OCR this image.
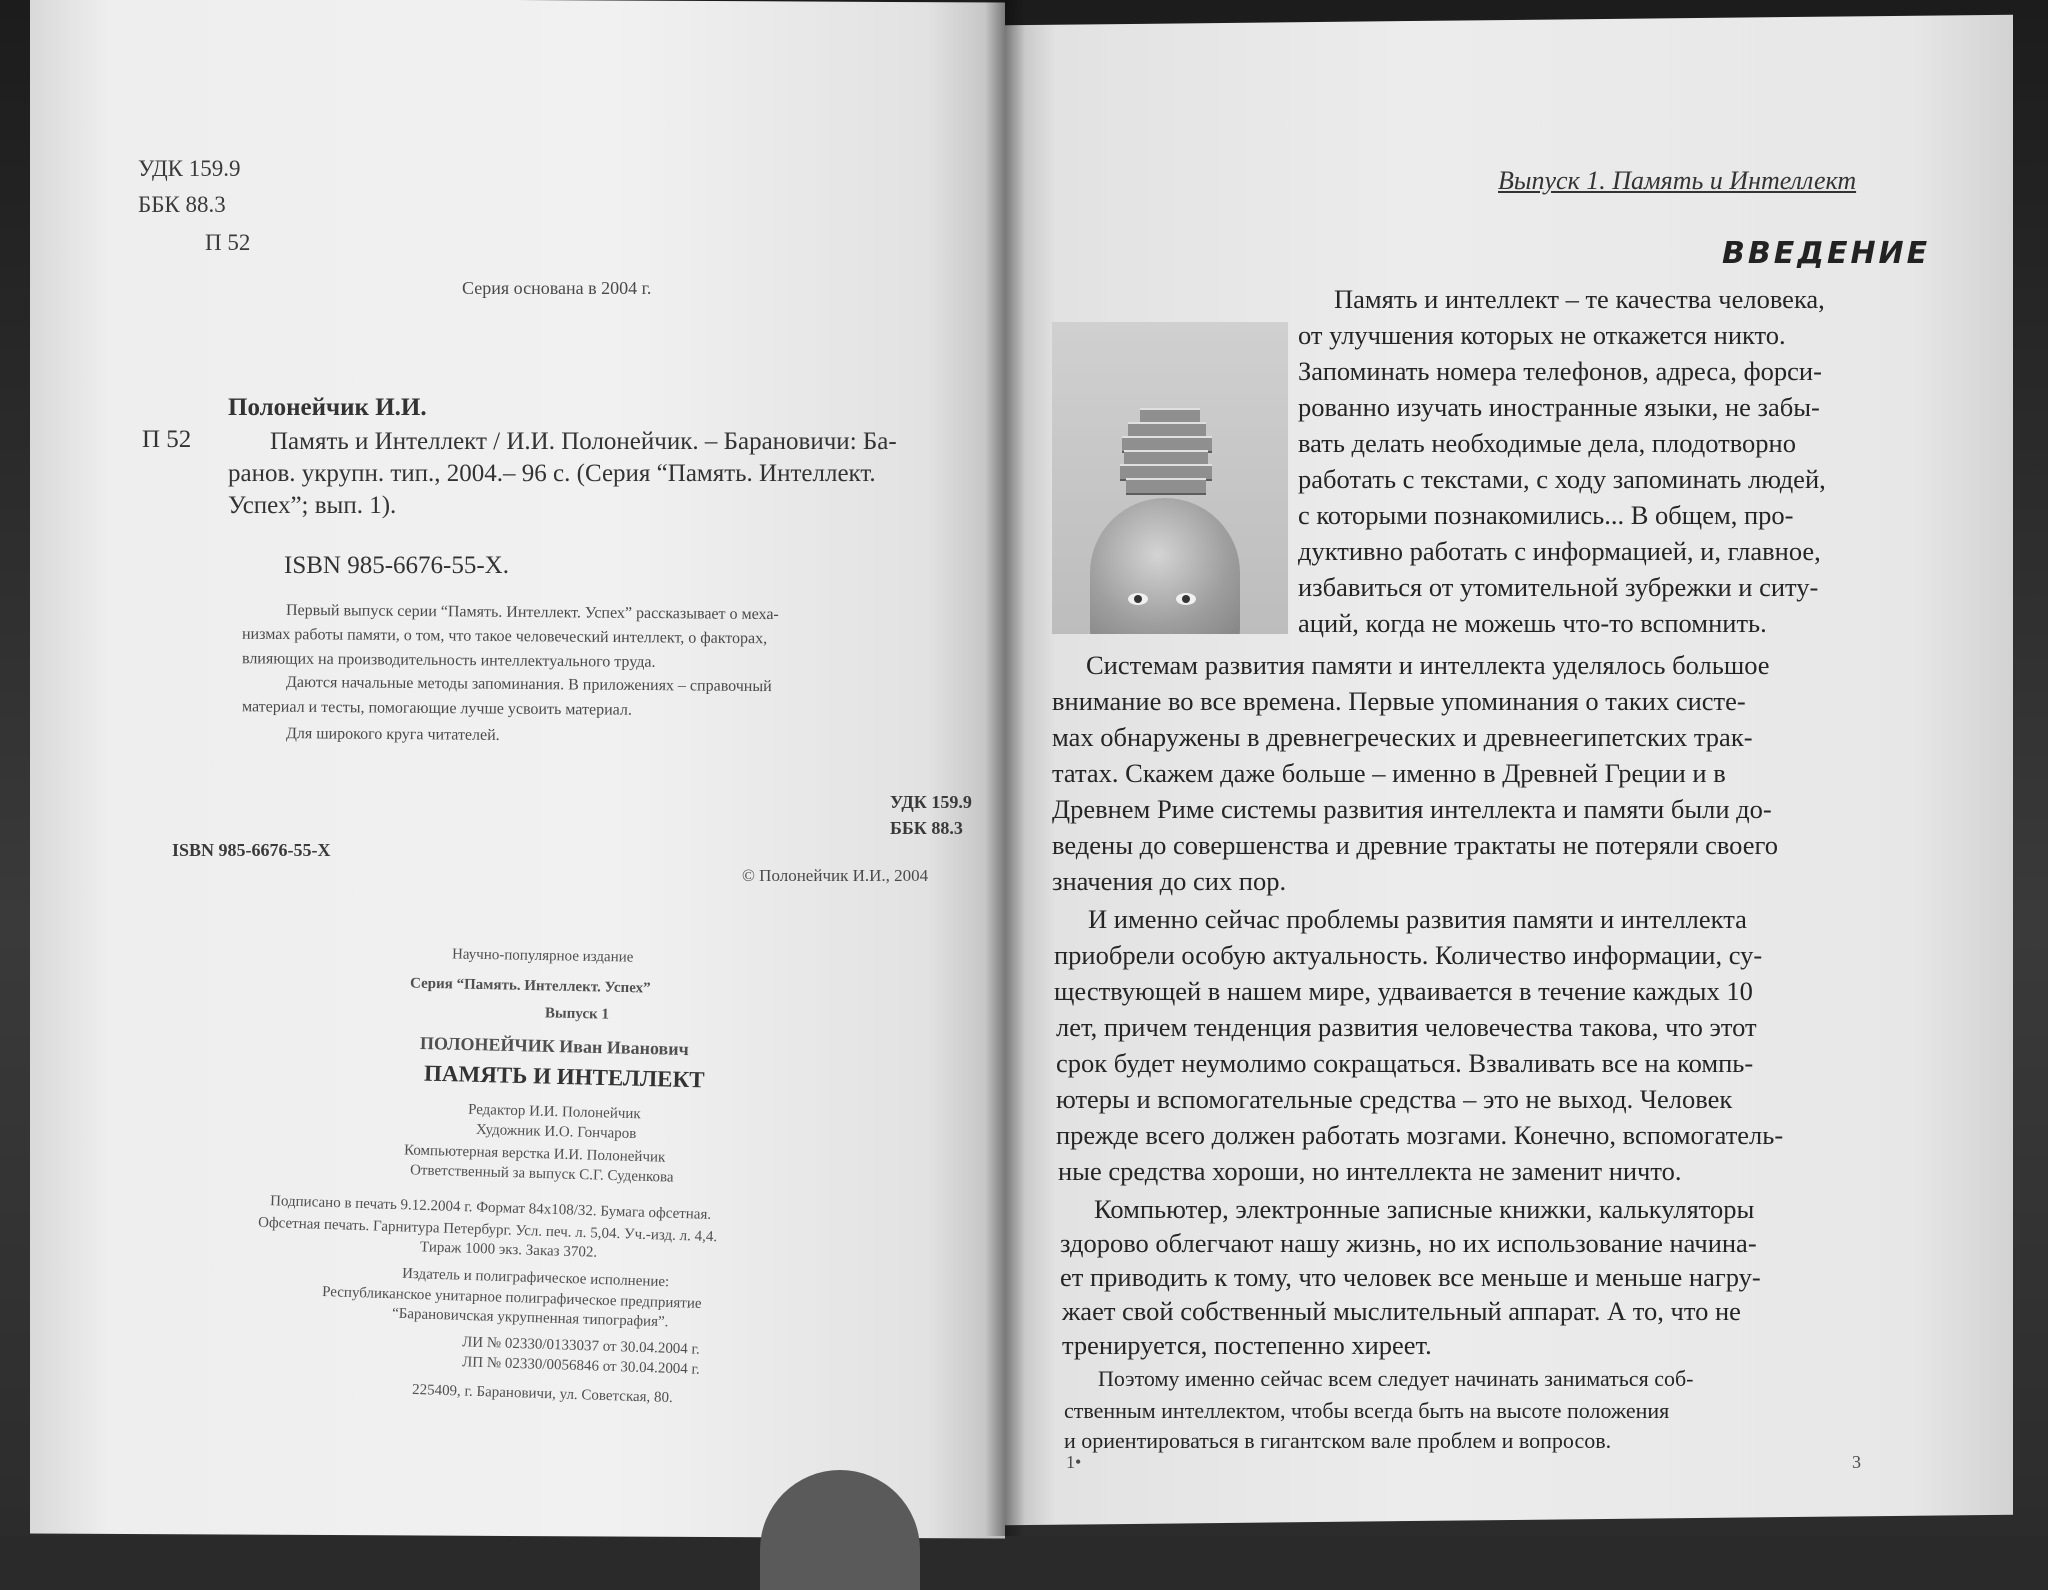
УДК 159.9
ББК 88.3
П 52
Серия основана в 2004 г.
Полонейчик И.И.
П 52	Память и Интеллект / И.И. Полонейчик. – Барановичи: Ба-
ранов. укрупн. тип., 2004.– 96 с. (Серия “Память. Интеллект.
Успех”; вып. 1).
ISBN 985-6676-55-X.
Первый выпуск серии “Память. Интеллект. Успех” рассказывает о меха-
низмах работы памяти, о том, что такое человеческий интеллект, о факторах,
влияющих на производительность интеллектуального труда.
Даются начальные методы запоминания. В приложениях – справочный
материал и тесты, помогающие лучше усвоить материал.
Для широкого круга читателей.
УДК 159.9
ББК 88.3
ISBN 985-6676-55-X
© Полонейчик И.И., 2004
Научно-популярное издание
Серия “Память. Интеллект. Успех”
Выпуск 1
ПОЛОНЕЙЧИК Иван Иванович
ПАМЯТЬ И ИНТЕЛЛЕКТ
Редактор И.И. Полонейчик
Художник И.О. Гончаров
Компьютерная верстка И.И. Полонейчик
Ответственный за выпуск С.Г. Суденкова
Подписано в печать 9.12.2004 г. Формат 84х108/32. Бумага офсетная.
Офсетная печать. Гарнитура Петербург. Усл. печ. л. 5,04. Уч.-изд. л. 4,4.
Тираж 1000 экз. Заказ 3702.
Издатель и полиграфическое исполнение:
Республиканское унитарное полиграфическое предприятие
“Барановичская укрупненная типография”.
ЛИ № 02330/0133037 от 30.04.2004 г.
ЛП № 02330/0056846 от 30.04.2004 г.
225409, г. Барановичи, ул. Советская, 80.
Выпуск 1. Память и Интеллект
ВВЕДЕНИЕ
Память и интеллект – те качества человека,
от улучшения которых не откажется никто.
Запоминать номера телефонов, адреса, форси-
рованно изучать иностранные языки, не забы-
вать делать необходимые дела, плодотворно
работать с текстами, с ходу запоминать людей,
с которыми познакомились... В общем, про-
дуктивно работать с информацией, и, главное,
избавиться от утомительной зубрежки и ситу-
аций, когда не можешь что-то вспомнить.
Системам развития памяти и интеллекта уделялось большое
внимание во все времена. Первые упоминания о таких систе-
мах обнаружены в древнегреческих и древнеегипетских трак-
татах. Скажем даже больше – именно в Древней Греции и в
Древнем Риме системы развития интеллекта и памяти были до-
ведены до совершенства и древние трактаты не потеряли своего
значения до сих пор.
И именно сейчас проблемы развития памяти и интеллекта
приобрели особую актуальность. Количество информации, су-
ществующей в нашем мире, удваивается в течение каждых 10
лет, причем тенденция развития человечества такова, что этот
срок будет неумолимо сокращаться. Взваливать все на компь-
ютеры и вспомогательные средства – это не выход. Человек
прежде всего должен работать мозгами. Конечно, вспомогатель-
ные средства хороши, но интеллекта не заменит ничто.
Компьютер, электронные записные книжки, калькуляторы
здорово облегчают нашу жизнь, но их использование начина-
ет приводить к тому, что человек все меньше и меньше нагру-
жает свой собственный мыслительный аппарат. А то, что не
тренируется, постепенно хиреет.
Поэтому именно сейчас всем следует начинать заниматься соб-
ственным интеллектом, чтобы всегда быть на высоте положения
и ориентироваться в гигантском вале проблем и вопросов.
1•	3
